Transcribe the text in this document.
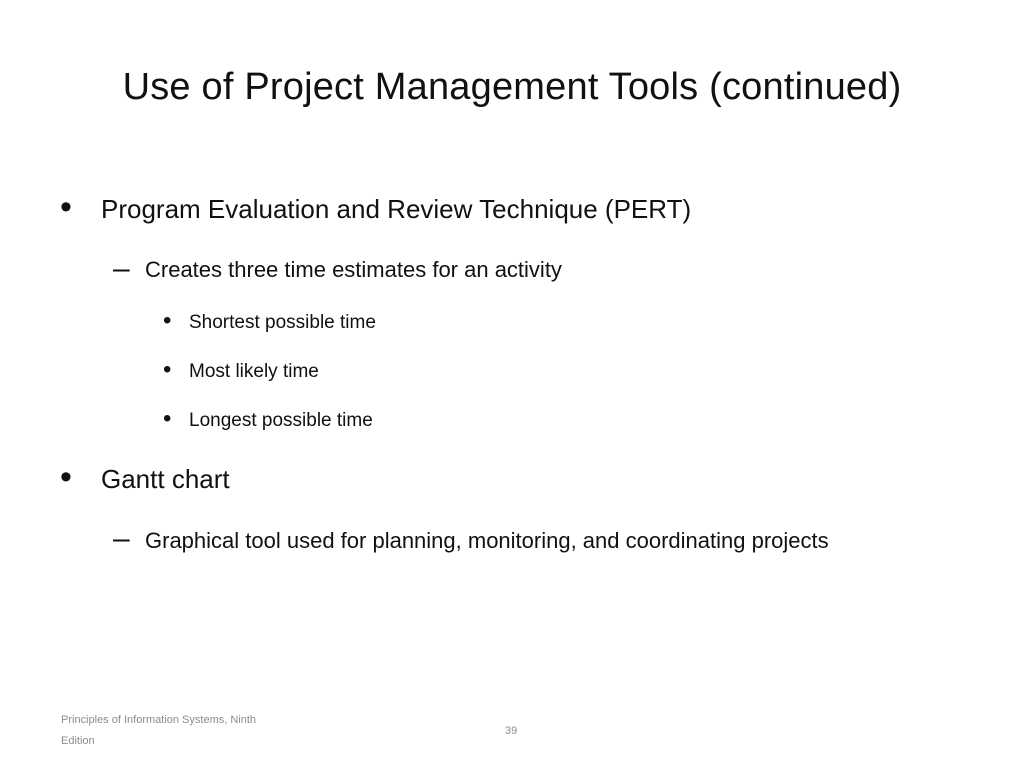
Use of Project Management Tools (continued)
• Program Evaluation and Review Technique (PERT)
– Creates three time estimates for an activity
• Shortest possible time
• Most likely time
• Longest possible time
• Gantt chart
– Graphical tool used for planning, monitoring, and coordinating projects
Principles of Information Systems, Ninth Edition
39
